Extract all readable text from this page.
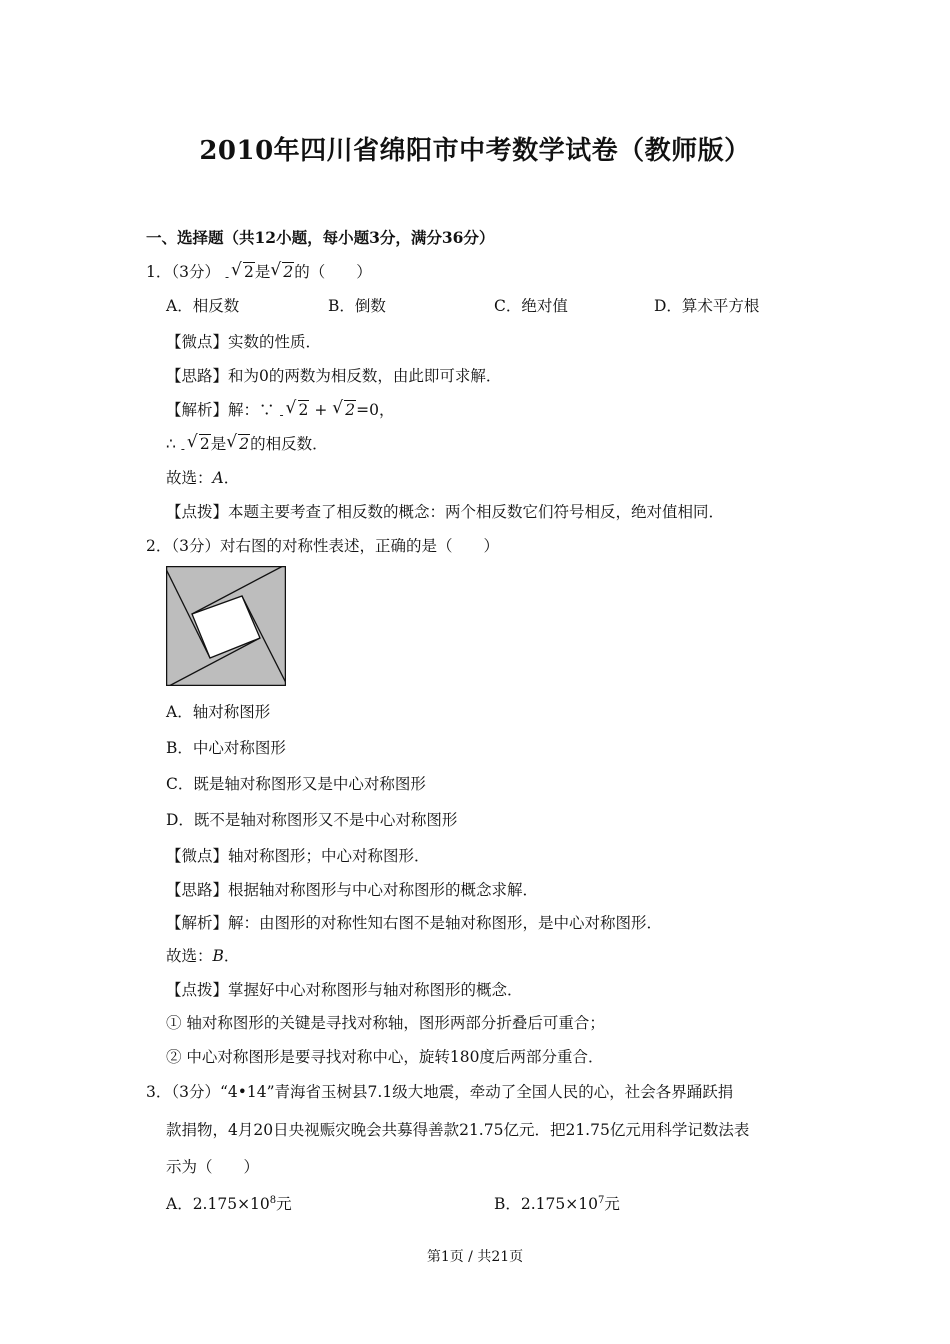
2010年四川省绵阳市中考数学试卷（教师版）
一、选择题（共12小题，每小题3分，满分36分）
1．（3分） $_-$ √ 2是 √ 2的（　　）
A．相反数	B．倒数	C．绝对值	D．算术平方根
【微点】实数的性质．
【思路】和为0的两数为相反数，由此即可求解．
【解析】解：∵ $_-$ √ 2 + √ 2=0，
∴ $_-$ √ 2是 √ 2的相反数．
故选：A．
【点拨】本题主要考查了相反数的概念：两个相反数它们符号相反，绝对值相同．
2．（3分）对右图的对称性表述，正确的是（　　）
A．轴对称图形
B．中心对称图形
C．既是轴对称图形又是中心对称图形
D．既不是轴对称图形又不是中心对称图形
【微点】轴对称图形；中心对称图形．
【思路】根据轴对称图形与中心对称图形的概念求解．
【解析】解：由图形的对称性知右图不是轴对称图形，是中心对称图形．
故选：B．
【点拨】掌握好中心对称图形与轴对称图形的概念．
① 轴对称图形的关键是寻找对称轴，图形两部分折叠后可重合；
② 中心对称图形是要寻找对称中心，旋转180度后两部分重合．
3．（3分）“4•14”青海省玉树县7.1级大地震，牵动了全国人民的心，社会各界踊跃捐
款捐物，4月20日央视赈灾晚会共募得善款21.75亿元．把21.75亿元用科学记数法表
示为（　　）
A．$2.175\times 10^8$元	B．$2.175\times 10^7$元
第1页 / 共21页
